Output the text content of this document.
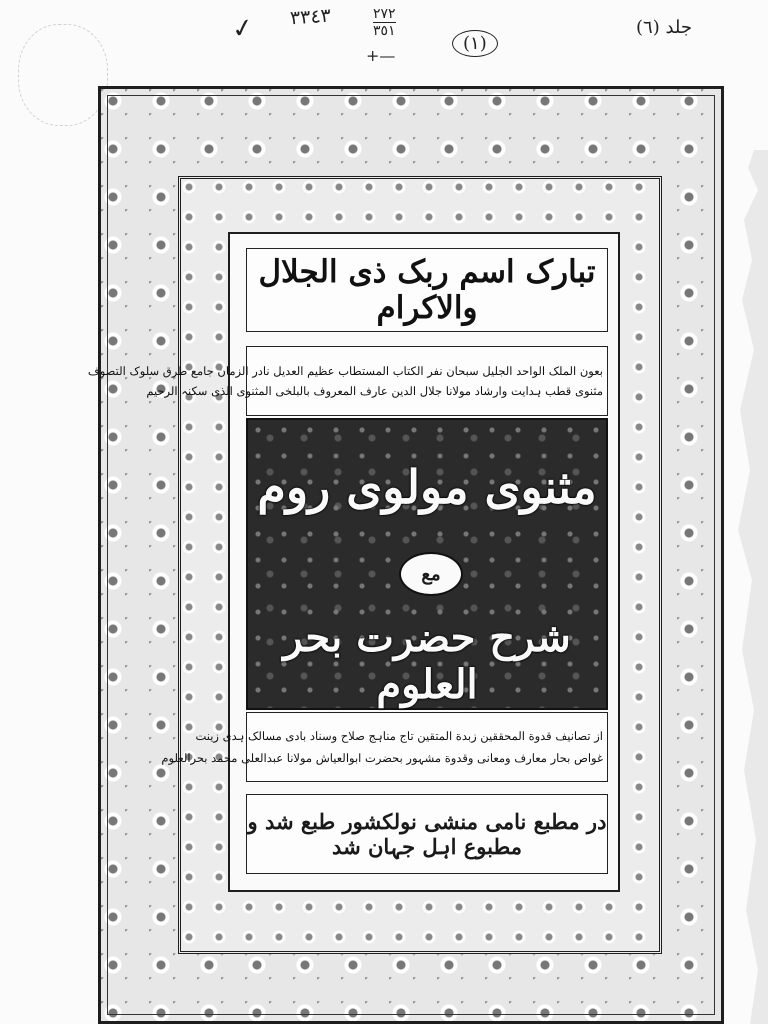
✓ ٣٣٤٣	٢٧٢
٣٥١
+—
(١)
جلد (٦)
تبارک اسم ربک ذی الجلال والاکرام
بعون الملک الواحد الجلیل سبحان نفر الکتاب المستطاب عظیم العدیل نادر الزمان جامع طرق سلوک التصوف
مثنوی قطب ہدایت وارشاد مولانا جلال الدین عارف المعروف بالبلخی المثنوی الذی سکنہ الرحیم
مثنوی مولوی روم
مع
شرح حضرت بحر العلوم
از تصانیف قدوة المحققین زبدة المتقین تاج مناہج صلاح وسناد بادی مسالک ہدی زینت
غواص بحار معارف ومعانی وقدوة مشہور بحضرت ابوالعیاش مولانا عبدالعلی محمد بحرالعلوم
در مطبع نامی منشی نولکشور طبع شد و مطبوع اہل جہان شد
